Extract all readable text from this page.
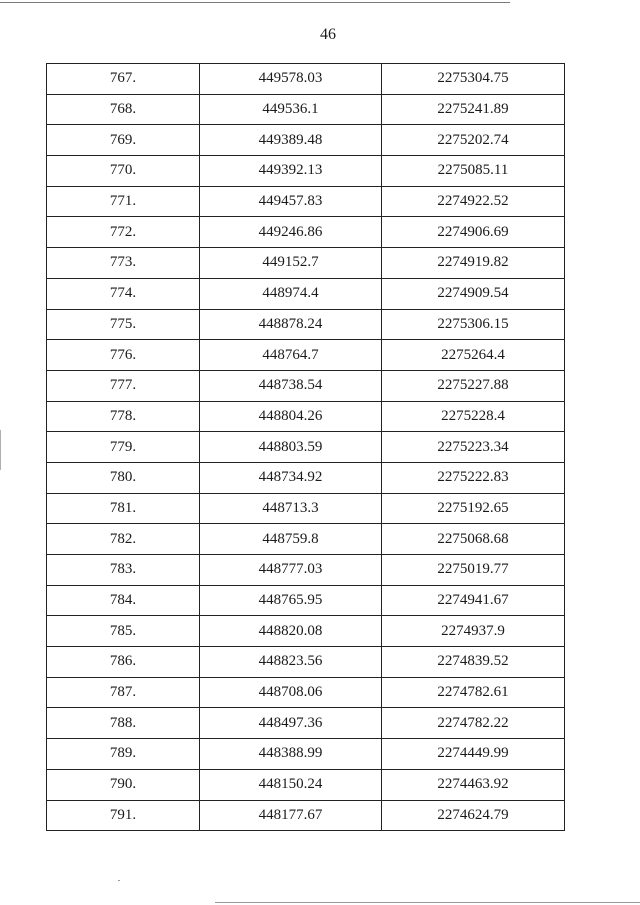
46
767.	449578.03	2275304.75
768.	449536.1	2275241.89
769.	449389.48	2275202.74
770.	449392.13	2275085.11
771.	449457.83	2274922.52
772.	449246.86	2274906.69
773.	449152.7	2274919.82
774.	448974.4	2274909.54
775.	448878.24	2275306.15
776.	448764.7	2275264.4
777.	448738.54	2275227.88
778.	448804.26	2275228.4
779.	448803.59	2275223.34
780.	448734.92	2275222.83
781.	448713.3	2275192.65
782.	448759.8	2275068.68
783.	448777.03	2275019.77
784.	448765.95	2274941.67
785.	448820.08	2274937.9
786.	448823.56	2274839.52
787.	448708.06	2274782.61
788.	448497.36	2274782.22
789.	448388.99	2274449.99
790.	448150.24	2274463.92
791.	448177.67	2274624.79
